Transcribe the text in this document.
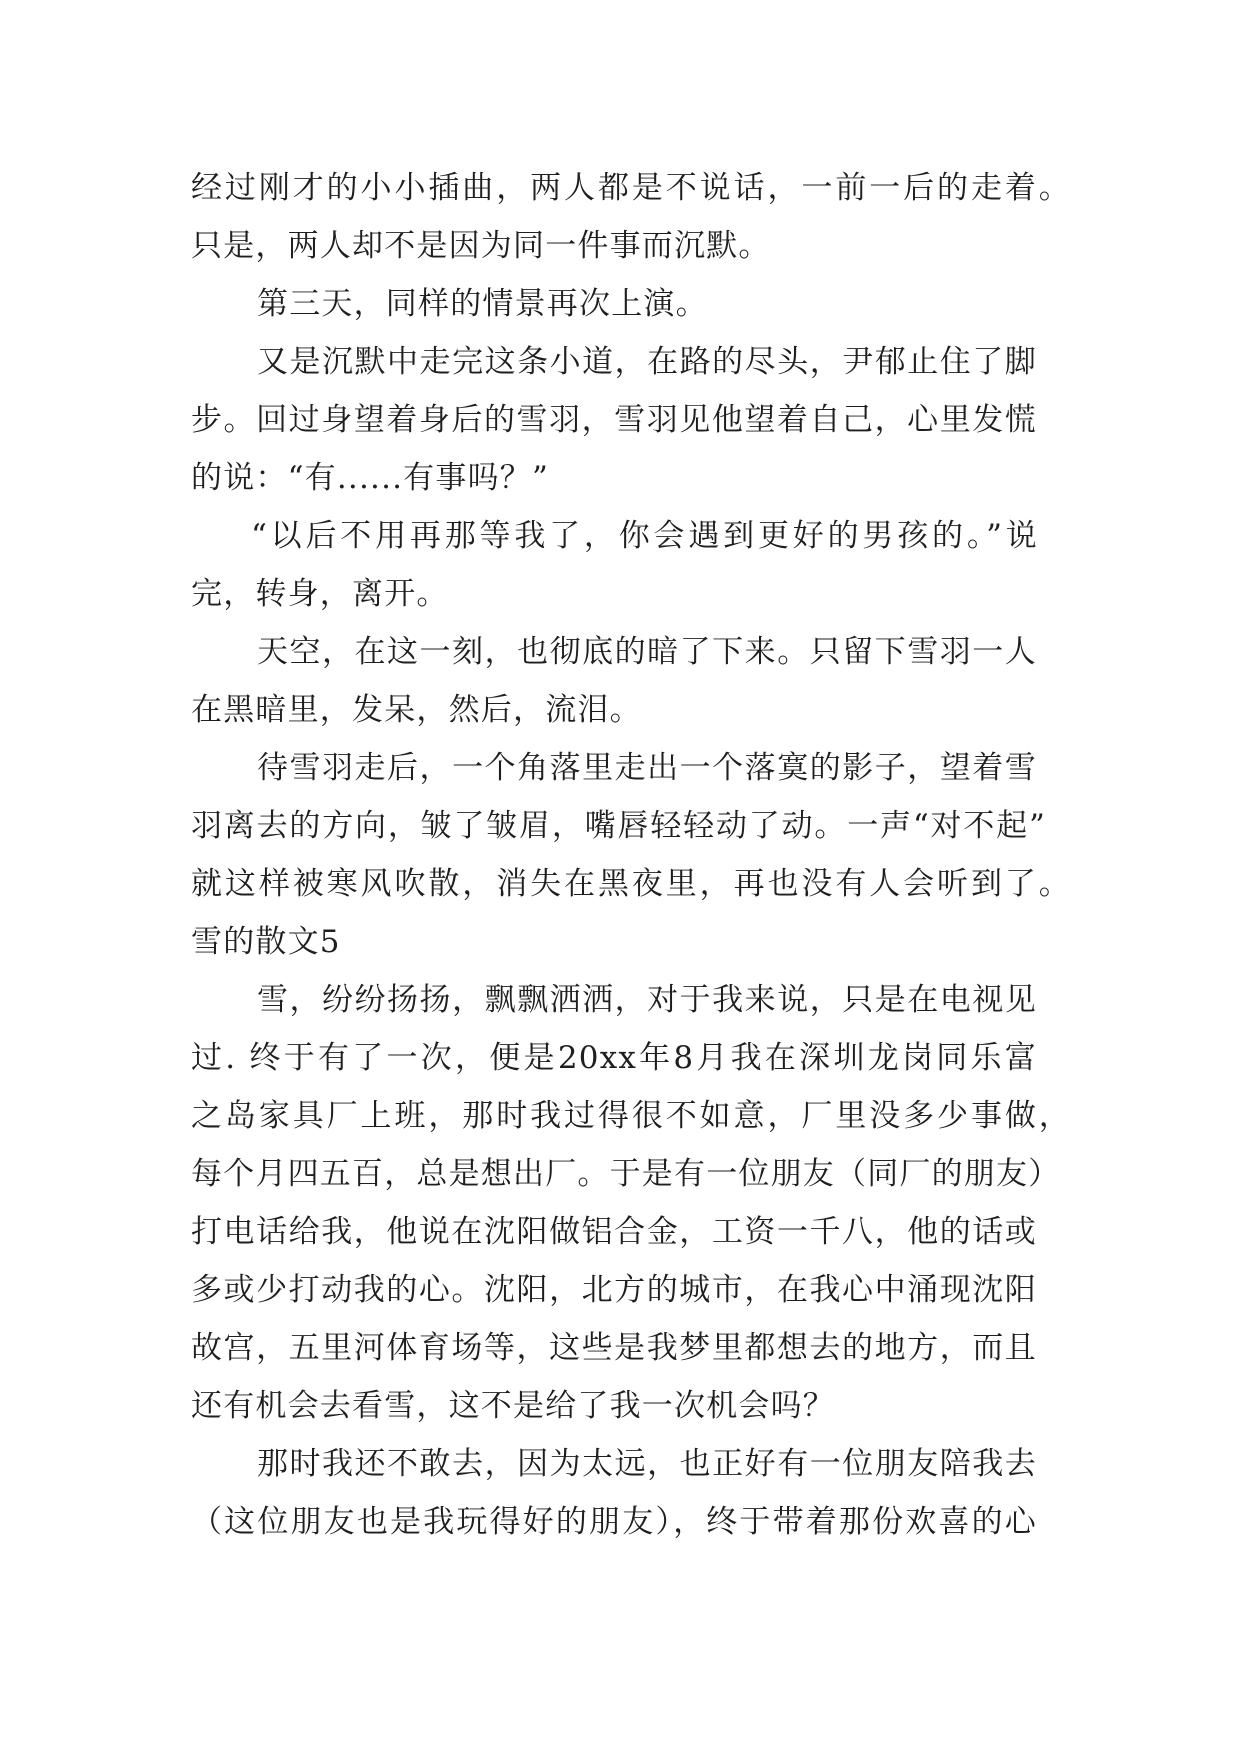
经过刚才的小小插曲，两人都是不说话，一前一后的走着。
只是，两人却不是因为同一件事而沉默。
第三天，同样的情景再次上演。
又是沉默中走完这条小道，在路的尽头，尹郁止住了脚
步。回过身望着身后的雪羽，雪羽见他望着自己，心里发慌
的说：“有......有事吗？”
“以后不用再那等我了，你会遇到更好的男孩的。”说
完，转身，离开。
天空，在这一刻，也彻底的暗了下来。只留下雪羽一人
在黑暗里，发呆，然后，流泪。
待雪羽走后，一个角落里走出一个落寞的影子，望着雪
羽离去的方向，皱了皱眉，嘴唇轻轻动了动。一声“对不起”
就这样被寒风吹散，消失在黑夜里，再也没有人会听到了。
雪的散文5
雪，纷纷扬扬，飘飘洒洒，对于我来说，只是在电视见
过. 终于有了一次，便是20xx年8月我在深圳龙岗同乐富
之岛家具厂上班，那时我过得很不如意，厂里没多少事做，
每个月四五百，总是想出厂。于是有一位朋友（同厂的朋友）
打电话给我，他说在沈阳做铝合金，工资一千八，他的话或
多或少打动我的心。沈阳，北方的城市，在我心中涌现沈阳
故宫，五里河体育场等，这些是我梦里都想去的地方，而且
还有机会去看雪，这不是给了我一次机会吗？
那时我还不敢去，因为太远，也正好有一位朋友陪我去
（这位朋友也是我玩得好的朋友），终于带着那份欢喜的心
